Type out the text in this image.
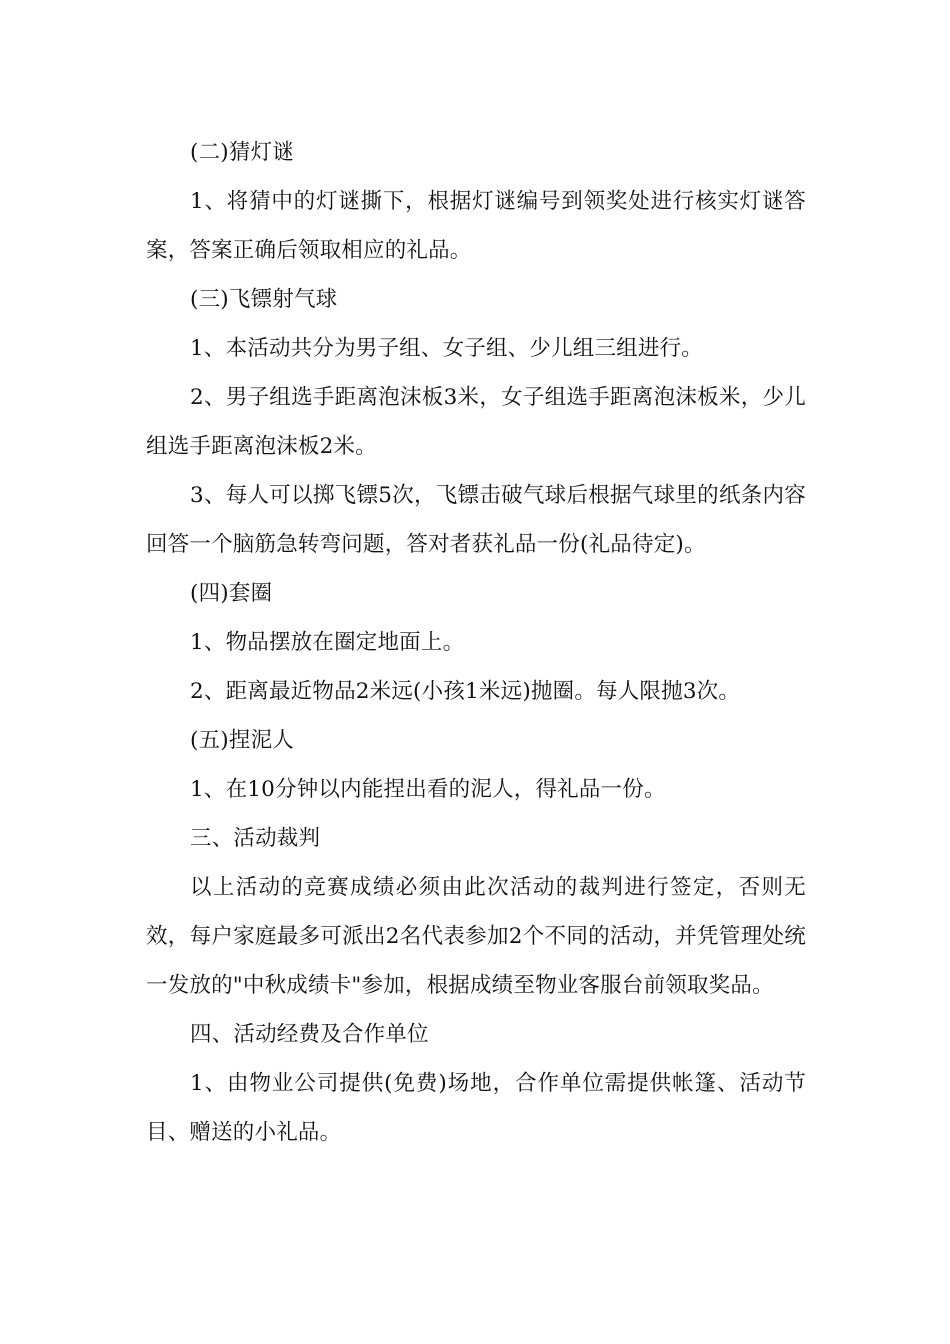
(二)猜灯谜

1、将猜中的灯谜撕下，根据灯谜编号到领奖处进行核实灯谜答案，答案正确后领取相应的礼品。

(三)飞镖射气球

1、本活动共分为男子组、女子组、少儿组三组进行。

2、男子组选手距离泡沫板3米，女子组选手距离泡沫板米，少儿组选手距离泡沫板2米。

3、每人可以掷飞镖5次，飞镖击破气球后根据气球里的纸条内容回答一个脑筋急转弯问题，答对者获礼品一份(礼品待定)。

(四)套圈

1、物品摆放在圈定地面上。

2、距离最近物品2米远(小孩1米远)抛圈。每人限抛3次。

(五)捏泥人

1、在10分钟以内能捏出看的泥人，得礼品一份。

三、活动裁判

以上活动的竞赛成绩必须由此次活动的裁判进行签定，否则无效，每户家庭最多可派出2名代表参加2个不同的活动，并凭管理处统一发放的"中秋成绩卡"参加，根据成绩至物业客服台前领取奖品。

四、活动经费及合作单位

1、由物业公司提供(免费)场地，合作单位需提供帐篷、活动节目、赠送的小礼品。
